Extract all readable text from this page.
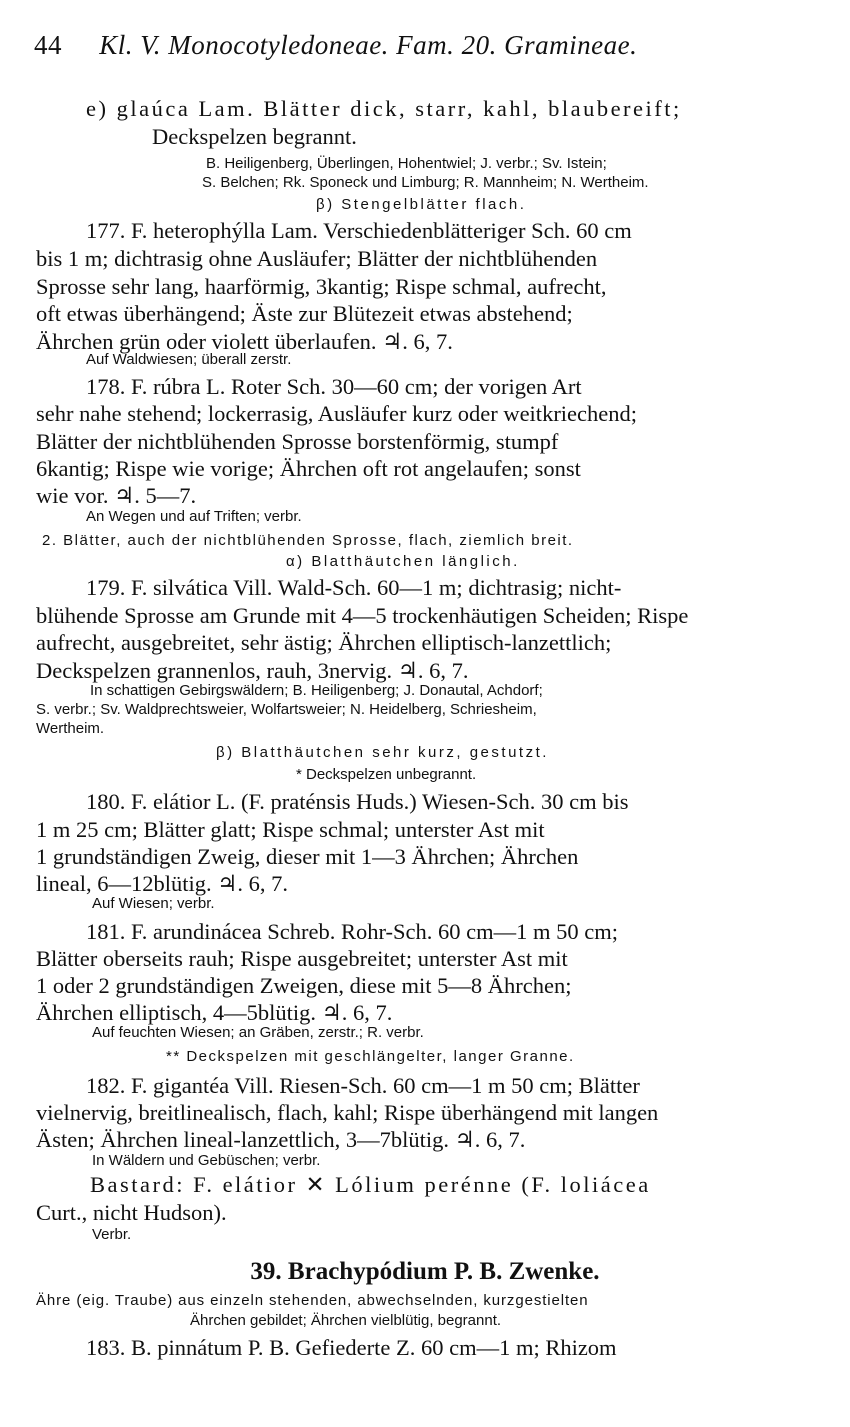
44 Kl. V. Monocotyledoneae. Fam. 20. Gramineae.
e) glaúca Lam. Blätter dick, starr, kahl, blaubereift;
Deckspelzen begrannt.
B. Heiligenberg, Überlingen, Hohentwiel; J. verbr.; Sv. Istein;
S. Belchen; Rk. Sponeck und Limburg; R. Mannheim; N. Wertheim.
β) Stengelblätter flach.
177. F. heterophýlla Lam. Verschiedenblätteriger Sch. 60 cm
bis 1 m; dichtrasig ohne Ausläufer; Blätter der nichtblühenden
Sprosse sehr lang, haarförmig, 3kantig; Rispe schmal, aufrecht,
oft etwas überhängend; Äste zur Blütezeit etwas abstehend;
Ährchen grün oder violett überlaufen. ♃. 6, 7.
Auf Waldwiesen; überall zerstr.
178. F. rúbra L. Roter Sch. 30—60 cm; der vorigen Art
sehr nahe stehend; lockerrasig, Ausläufer kurz oder weitkriechend;
Blätter der nichtblühenden Sprosse borstenförmig, stumpf
6kantig; Rispe wie vorige; Ährchen oft rot angelaufen; sonst
wie vor. ♃. 5—7.
An Wegen und auf Triften; verbr.
2. Blätter, auch der nichtblühenden Sprosse, flach, ziemlich breit.
α) Blatthäutchen länglich.
179. F. silvática Vill. Wald-Sch. 60—1 m; dichtrasig; nicht-
blühende Sprosse am Grunde mit 4—5 trockenhäutigen Scheiden; Rispe
aufrecht, ausgebreitet, sehr ästig; Ährchen elliptisch-lanzettlich;
Deckspelzen grannenlos, rauh, 3nervig. ♃. 6, 7.
In schattigen Gebirgswäldern; B. Heiligenberg; J. Donautal, Achdorf;
S. verbr.; Sv. Waldprechtsweier, Wolfartsweier; N. Heidelberg, Schriesheim,
Wertheim.
β) Blatthäutchen sehr kurz, gestutzt.
* Deckspelzen unbegrannt.
180. F. elátior L. (F. praténsis Huds.) Wiesen-Sch. 30 cm bis
1 m 25 cm; Blätter glatt; Rispe schmal; unterster Ast mit
1 grundständigen Zweig, dieser mit 1—3 Ährchen; Ährchen
lineal, 6—12blütig. ♃. 6, 7.
Auf Wiesen; verbr.
181. F. arundinácea Schreb. Rohr-Sch. 60 cm—1 m 50 cm;
Blätter oberseits rauh; Rispe ausgebreitet; unterster Ast mit
1 oder 2 grundständigen Zweigen, diese mit 5—8 Ährchen;
Ährchen elliptisch, 4—5blütig. ♃. 6, 7.
Auf feuchten Wiesen; an Gräben, zerstr.; R. verbr.
** Deckspelzen mit geschlängelter, langer Granne.
182. F. gigantéa Vill. Riesen-Sch. 60 cm—1 m 50 cm; Blätter
vielnervig, breitlinealisch, flach, kahl; Rispe überhängend mit langen
Ästen; Ährchen lineal-lanzettlich, 3—7blütig. ♃. 6, 7.
In Wäldern und Gebüschen; verbr.
Bastard: F. elátior ✕ Lólium perénne (F. loliácea
Curt., nicht Hudson).
Verbr.
39. Brachypódium P. B. Zwenke.
Ähre (eig. Traube) aus einzeln stehenden, abwechselnden, kurzgestielten
Ährchen gebildet; Ährchen vielblütig, begrannt.
183. B. pinnátum P. B. Gefiederte Z. 60 cm—1 m; Rhizom
